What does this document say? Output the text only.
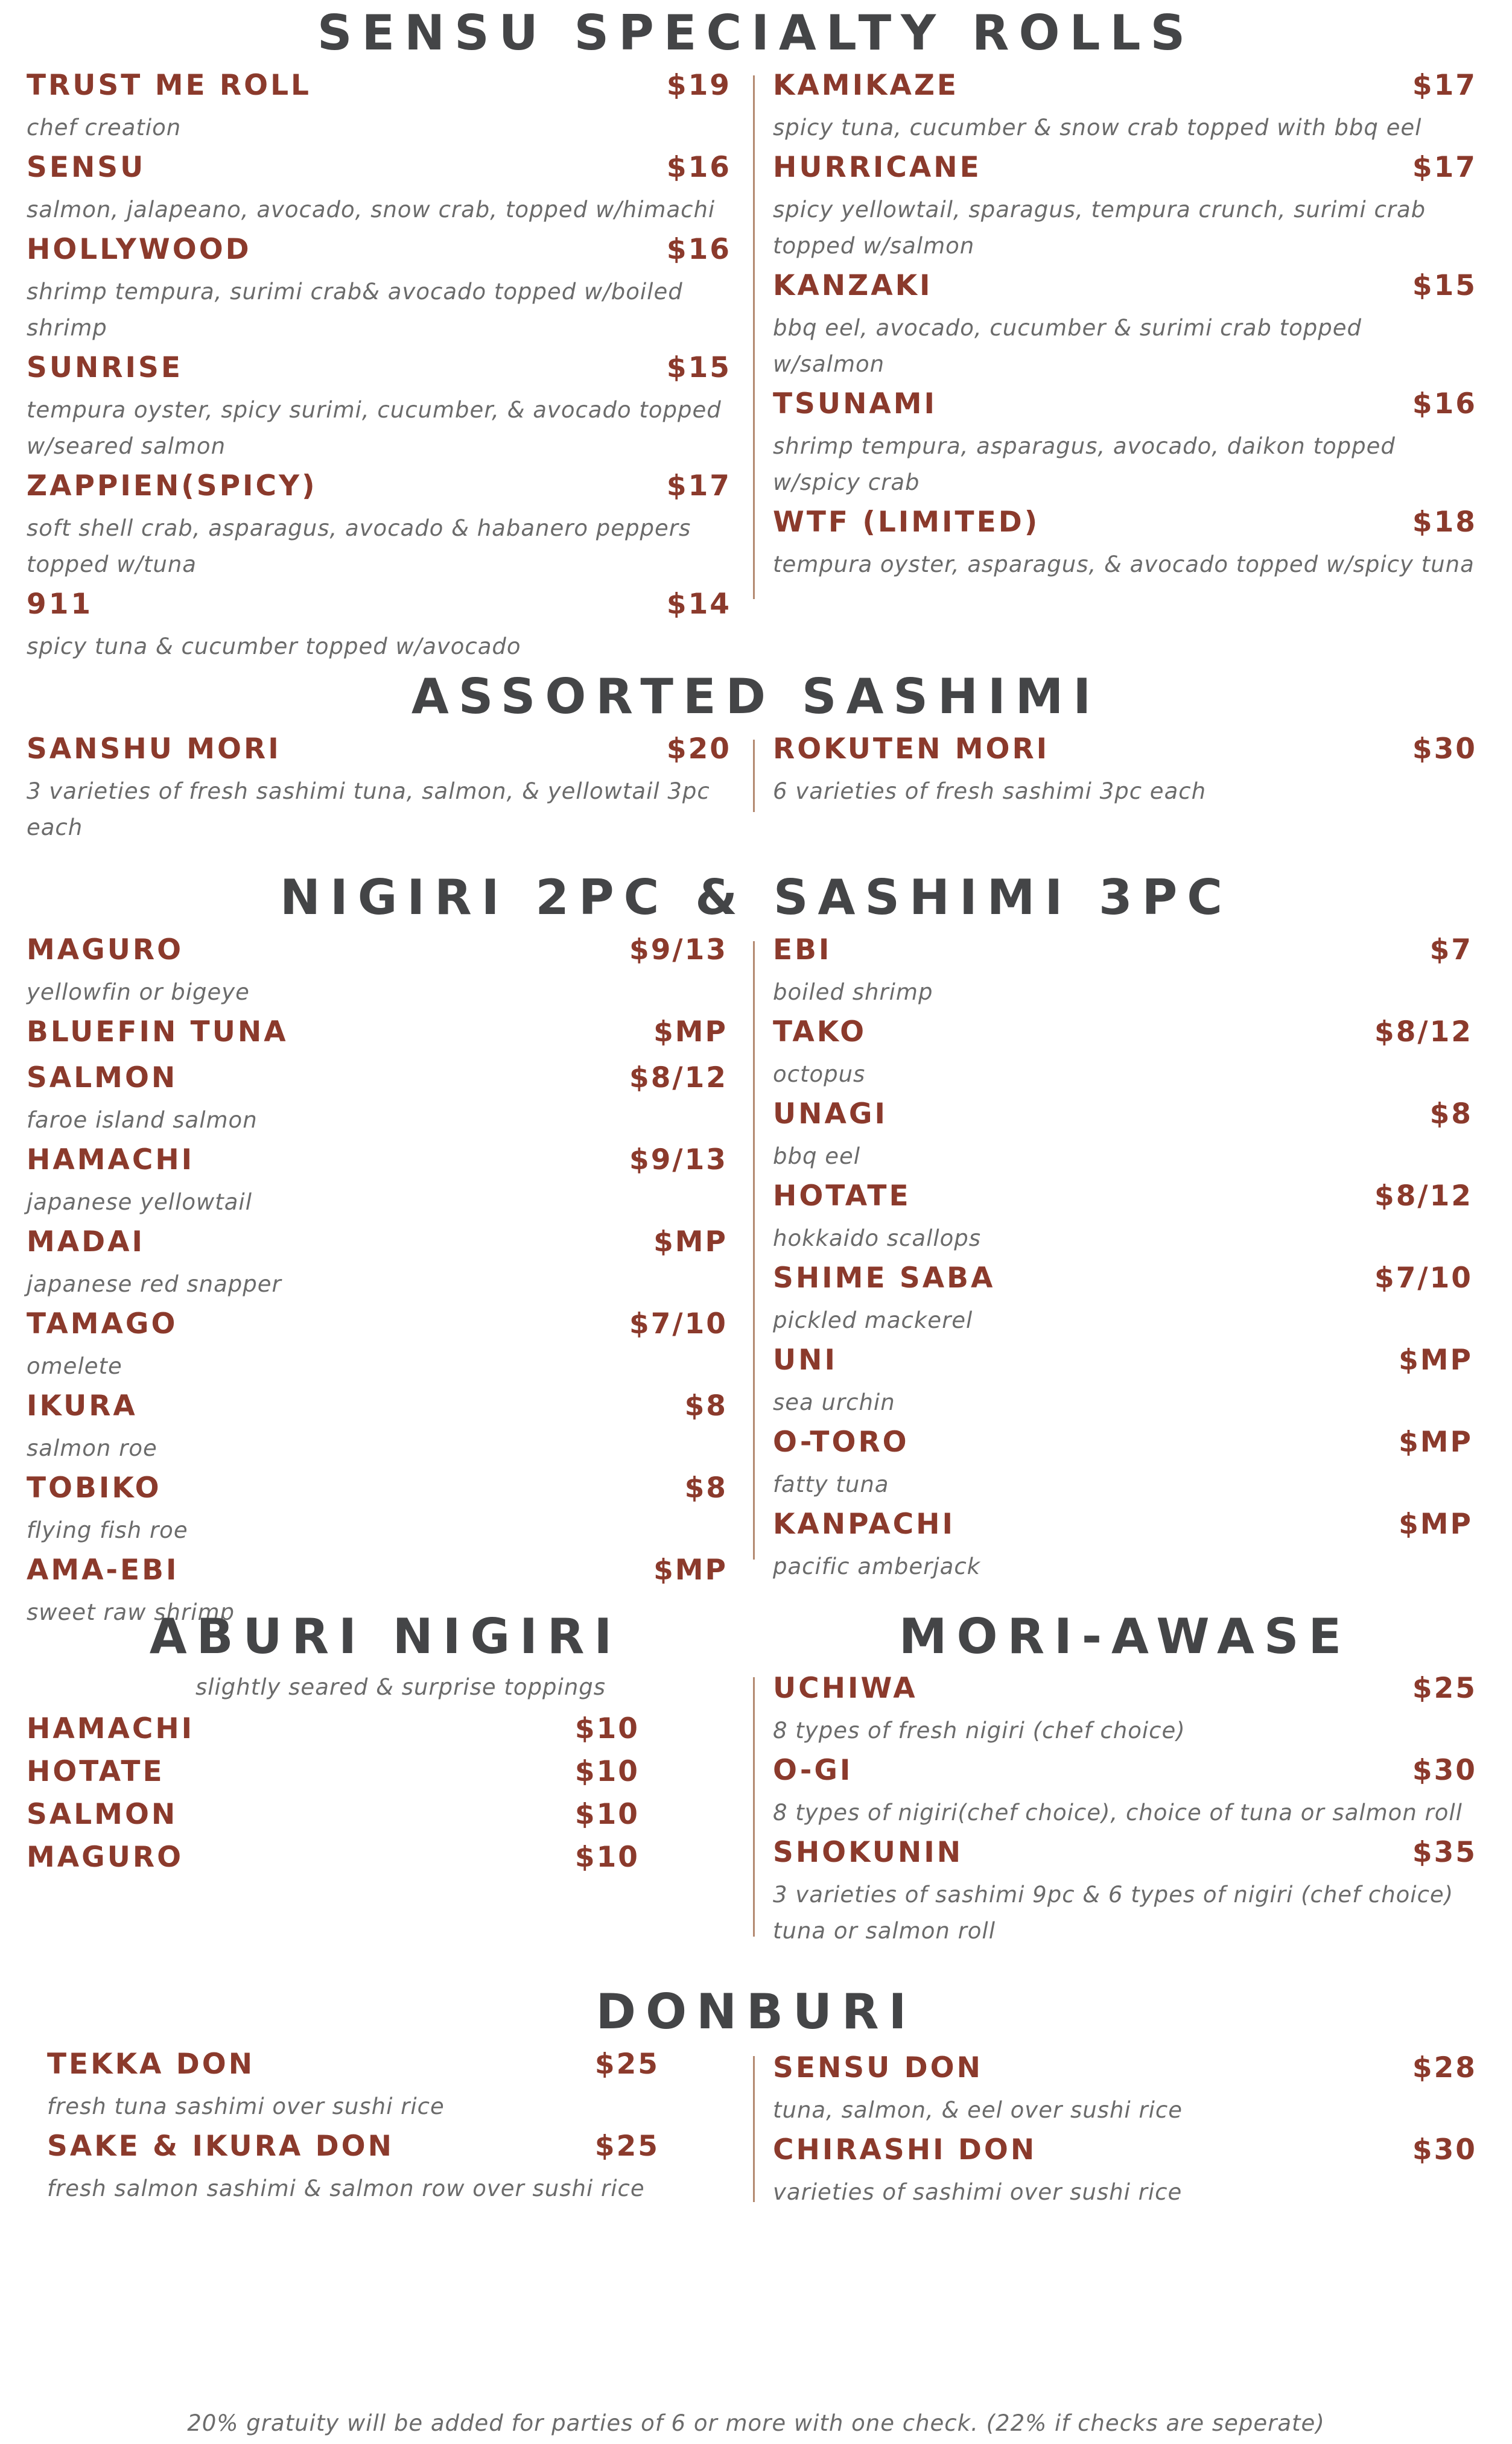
SENSU SPECIALTY ROLLS
TRUST ME ROLL	$19
chef creation
SENSU	$16
salmon, jalapeano, avocado, snow crab, topped w/himachi
HOLLYWOOD	$16
shrimp tempura, surimi crab& avocado topped w/boiled shrimp
SUNRISE	$15
tempura oyster, spicy surimi, cucumber, & avocado topped w/seared salmon
ZAPPIEN(SPICY)	$17
soft shell crab, asparagus, avocado & habanero peppers topped w/tuna
911	$14
spicy tuna & cucumber topped w/avocado
KAMIKAZE	$17
spicy tuna, cucumber & snow crab topped with bbq eel
HURRICANE	$17
spicy yellowtail, sparagus, tempura crunch, surimi crab topped w/salmon
KANZAKI	$15
bbq eel, avocado, cucumber & surimi crab topped w/salmon
TSUNAMI	$16
shrimp tempura, asparagus, avocado, daikon topped w/spicy crab
WTF (LIMITED)	$18
tempura oyster, asparagus, & avocado topped w/spicy tuna
ASSORTED SASHIMI
SANSHU MORI	$20
3 varieties of fresh sashimi tuna, salmon, & yellowtail 3pc each
ROKUTEN MORI	$30
6 varieties of fresh sashimi 3pc each
NIGIRI 2PC & SASHIMI 3PC
MAGURO	$9/13
yellowfin or bigeye
BLUEFIN TUNA	$MP
SALMON	$8/12
faroe island salmon
HAMACHI	$9/13
japanese yellowtail
MADAI	$MP
japanese red snapper
TAMAGO	$7/10
omelete
IKURA	$8
salmon roe
TOBIKO	$8
flying fish roe
AMA-EBI	$MP
sweet raw shrimp
EBI	$7
boiled shrimp
TAKO	$8/12
octopus
UNAGI	$8
bbq eel
HOTATE	$8/12
hokkaido scallops
SHIME SABA	$7/10
pickled mackerel
UNI	$MP
sea urchin
O-TORO	$MP
fatty tuna
KANPACHI	$MP
pacific amberjack
ABURI NIGIRI
slightly seared & surprise toppings
HAMACHI	$10
HOTATE	$10
SALMON	$10
MAGURO	$10
MORI-AWASE
UCHIWA	$25
8 types of fresh nigiri (chef choice)
O-GI	$30
8 types of nigiri(chef choice), choice of tuna or salmon roll
SHOKUNIN	$35
3 varieties of sashimi 9pc & 6 types of nigiri (chef choice) tuna or salmon roll
DONBURI
TEKKA DON	$25
fresh tuna sashimi over sushi rice
SAKE & IKURA DON	$25
fresh salmon sashimi & salmon row over sushi rice
SENSU DON	$28
tuna, salmon, & eel over sushi rice
CHIRASHI DON	$30
varieties of sashimi over sushi rice
20% gratuity will be added for parties of 6 or more with one check. (22% if checks are seperate)
